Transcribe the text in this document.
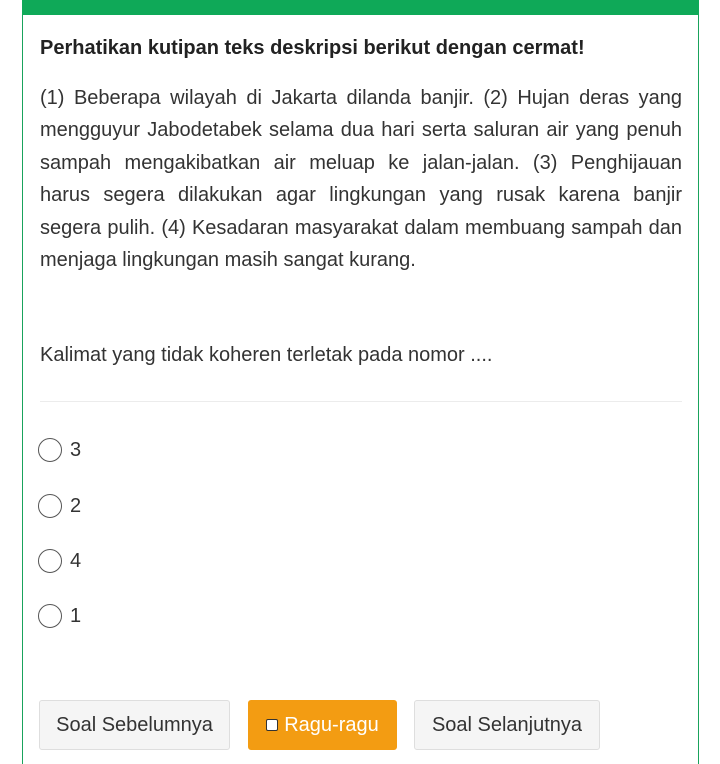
Perhatikan kutipan teks deskripsi berikut dengan cermat!
(1) Beberapa wilayah di Jakarta dilanda banjir. (2) Hujan deras yang mengguyur Jabodetabek selama dua hari serta saluran air yang penuh sampah mengakibatkan air meluap ke jalan-jalan. (3) Penghijauan harus segera dilakukan agar lingkungan yang rusak karena banjir segera pulih. (4) Kesadaran masyarakat dalam membuang sampah dan menjaga lingkungan masih sangat kurang.
Kalimat yang tidak koheren terletak pada nomor ....
3
2
4
1
Soal Sebelumnya	Ragu-ragu	Soal Selanjutnya
